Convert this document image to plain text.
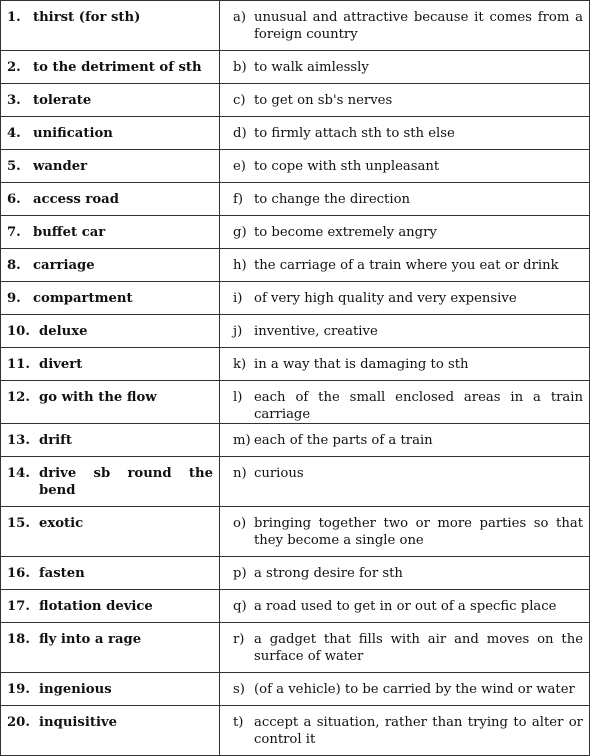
1. thirst (for sth)	a) unusual and attractive because it comes from a foreign country

2. to the detriment of sth	b) to walk aimlessly

3. tolerate	c) to get on sb's nerves

4. unification	d) to firmly attach sth to sth else

5. wander	e) to cope with sth unpleasant

6. access road	f) to change the direction

7. buffet car	g) to become extremely angry

8. carriage	h) the carriage of a train where you eat or drink

9. compartment	i) of very high quality and very expensive

10. deluxe	j) inventive, creative

11. divert	k) in a way that is damaging to sth

12. go with the flow	l) each of the small enclosed areas in a train carriage

13. drift	m) each of the parts of a train

14. drive sb round the bend	n) curious

15. exotic	o) bringing together two or more parties so that they become a single one

16. fasten	p) a strong desire for sth

17. flotation device	q) a road used to get in or out of a specfic place

18. fly into a rage	r) a gadget that fills with air and moves on the surface of water

19. ingenious	s) (of a vehicle) to be carried by the wind or water

20. inquisitive	t) accept a situation, rather than trying to alter or control it
